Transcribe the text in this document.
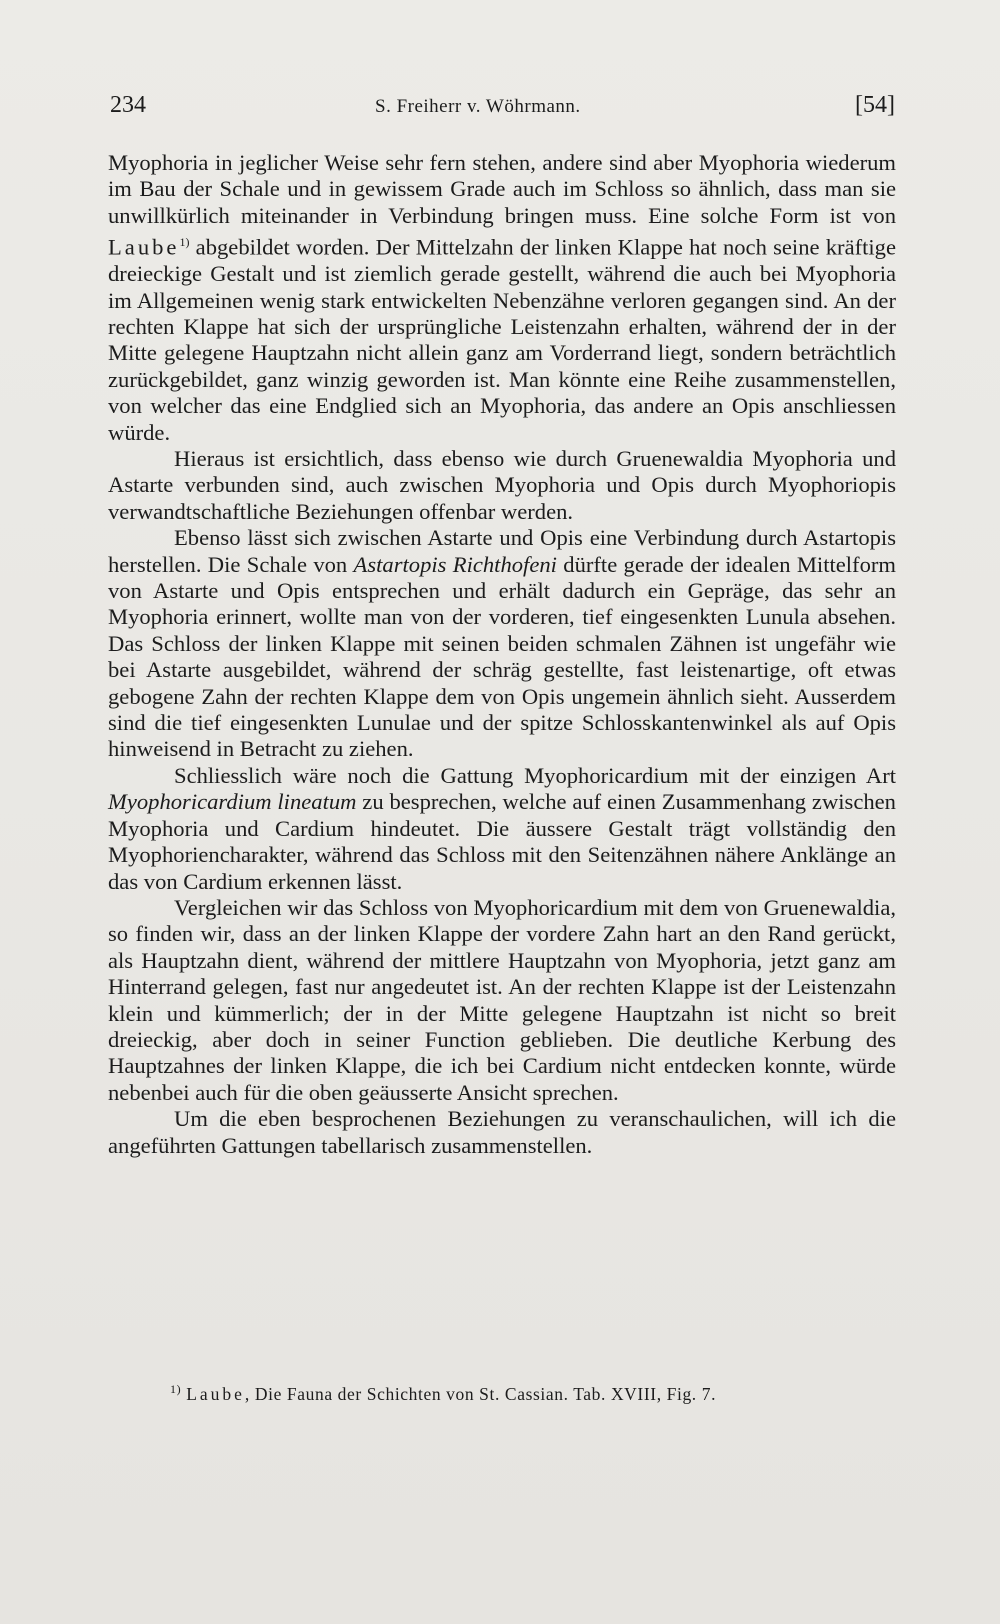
234	S. Freiherr v. Wöhrmann.	[54]

Myophoria in jeglicher Weise sehr fern stehen, andere sind aber Myophoria wiederum im Bau der Schale und in gewissem Grade auch im Schloss so ähnlich, dass man sie unwillkürlich miteinander in Verbindung bringen muss. Eine solche Form ist von Laube$^{1)}$ abgebildet worden. Der Mittelzahn der linken Klappe hat noch seine kräftige dreieckige Gestalt und ist ziemlich gerade gestellt, während die auch bei Myophoria im Allgemeinen wenig stark entwickelten Nebenzähne verloren gegangen sind. An der rechten Klappe hat sich der ursprüngliche Leistenzahn erhalten, während der in der Mitte gelegene Hauptzahn nicht allein ganz am Vorderrand liegt, sondern beträchtlich zurückgebildet, ganz winzig geworden ist. Man könnte eine Reihe zusammenstellen, von welcher das eine Endglied sich an Myophoria, das andere an Opis anschliessen würde.

Hieraus ist ersichtlich, dass ebenso wie durch Gruenewaldia Myophoria und Astarte verbunden sind, auch zwischen Myophoria und Opis durch Myophoriopis verwandtschaftliche Beziehungen offenbar werden.

Ebenso lässt sich zwischen Astarte und Opis eine Verbindung durch Astartopis herstellen. Die Schale von Astartopis Richthofeni dürfte gerade der idealen Mittelform von Astarte und Opis entsprechen und erhält dadurch ein Gepräge, das sehr an Myophoria erinnert, wollte man von der vorderen, tief eingesenkten Lunula absehen. Das Schloss der linken Klappe mit seinen beiden schmalen Zähnen ist ungefähr wie bei Astarte ausgebildet, während der schräg gestellte, fast leistenartige, oft etwas gebogene Zahn der rechten Klappe dem von Opis ungemein ähnlich sieht. Ausserdem sind die tief eingesenkten Lunulae und der spitze Schlosskantenwinkel als auf Opis hinweisend in Betracht zu ziehen.

Schliesslich wäre noch die Gattung Myophoricardium mit der einzigen Art Myophoricardium lineatum zu besprechen, welche auf einen Zusammenhang zwischen Myophoria und Cardium hindeutet. Die äussere Gestalt trägt vollständig den Myophoriencharakter, während das Schloss mit den Seitenzähnen nähere Anklänge an das von Cardium erkennen lässt.

Vergleichen wir das Schloss von Myophoricardium mit dem von Gruenewaldia, so finden wir, dass an der linken Klappe der vordere Zahn hart an den Rand gerückt, als Hauptzahn dient, während der mittlere Hauptzahn von Myophoria, jetzt ganz am Hinterrand gelegen, fast nur angedeutet ist. An der rechten Klappe ist der Leistenzahn klein und kümmerlich; der in der Mitte gelegene Hauptzahn ist nicht so breit dreieckig, aber doch in seiner Function geblieben. Die deutliche Kerbung des Hauptzahnes der linken Klappe, die ich bei Cardium nicht entdecken konnte, würde nebenbei auch für die oben geäusserte Ansicht sprechen.

Um die eben besprochenen Beziehungen zu veranschaulichen, will ich die angeführten Gattungen tabellarisch zusammenstellen.

$^{1)}$ Laube, Die Fauna der Schichten von St. Cassian. Tab. XVIII, Fig. 7.
